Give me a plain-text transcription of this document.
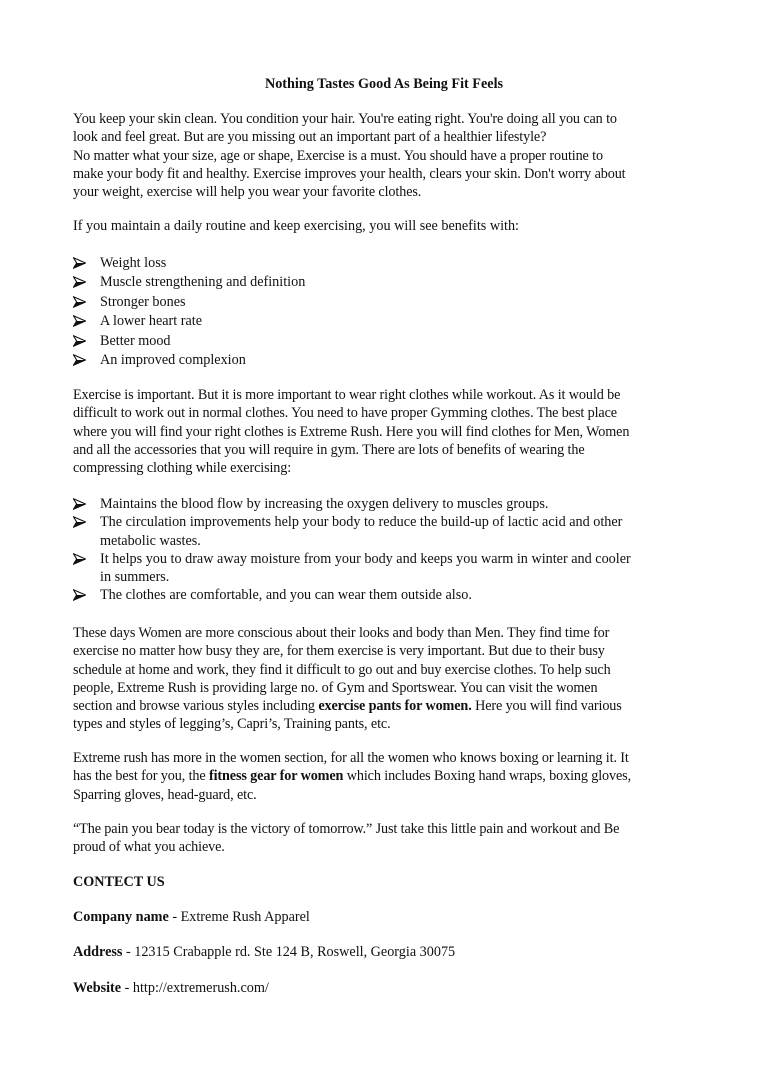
Nothing Tastes Good As Being Fit Feels

You keep your skin clean. You condition your hair. You're eating right. You're doing all you can to
look and feel great. But are you missing out an important part of a healthier lifestyle?
No matter what your size, age or shape, Exercise is a must. You should have a proper routine to
make your body fit and healthy. Exercise improves your health, clears your skin. Don't worry about
your weight, exercise will help you wear your favorite clothes.

If you maintain a daily routine and keep exercising, you will see benefits with:

Weight loss
Muscle strengthening and definition
Stronger bones
A lower heart rate
Better mood
An improved complexion

Exercise is important. But it is more important to wear right clothes while workout. As it would be
difficult to work out in normal clothes. You need to have proper Gymming clothes. The best place
where you will find your right clothes is Extreme Rush. Here you will find clothes for Men, Women
and all the accessories that you will require in gym. There are lots of benefits of wearing the
compressing clothing while exercising:

Maintains the blood flow by increasing the oxygen delivery to muscles groups.
The circulation improvements help your body to reduce the build-up of lactic acid and other
metabolic wastes.
It helps you to draw away moisture from your body and keeps you warm in winter and cooler
in summers.
The clothes are comfortable, and you can wear them outside also.

These days Women are more conscious about their looks and body than Men. They find time for
exercise no matter how busy they are, for them exercise is very important. But due to their busy
schedule at home and work, they find it difficult to go out and buy exercise clothes. To help such
people, Extreme Rush is providing large no. of Gym and Sportswear. You can visit the women
section and browse various styles including exercise pants for women. Here you will find various
types and styles of legging’s, Capri’s, Training pants, etc.

Extreme rush has more in the women section, for all the women who knows boxing or learning it. It
has the best for you, the fitness gear for women which includes Boxing hand wraps, boxing gloves,
Sparring gloves, head-guard, etc.

“The pain you bear today is the victory of tomorrow.” Just take this little pain and workout and Be
proud of what you achieve.

CONTECT US

Company name - Extreme Rush Apparel

Address - 12315 Crabapple rd. Ste 124 B, Roswell, Georgia 30075

Website - http://extremerush.com/
